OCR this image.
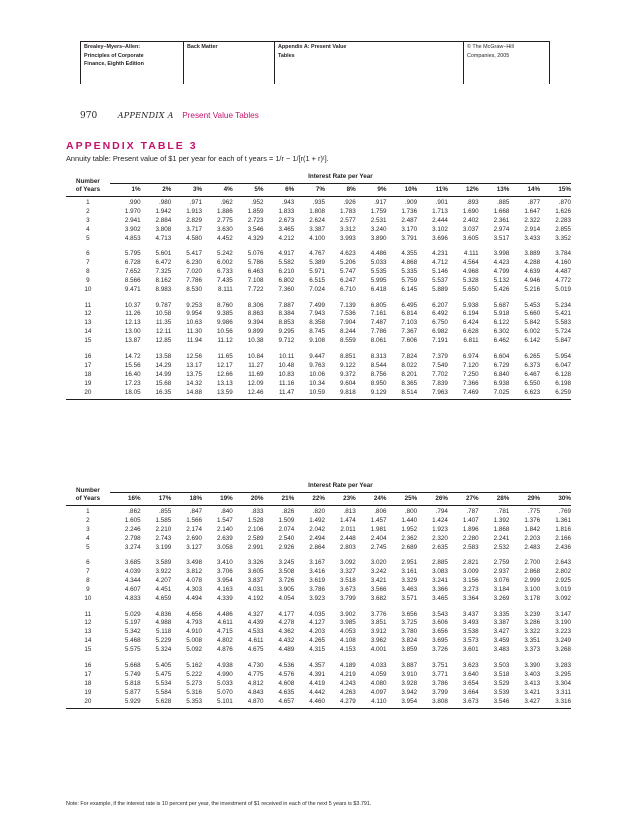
Brealey–Myers–Allen:
Principles of Corporate
Finance, Eighth Edition
Back Matter	Appendix A: Present Value
Tables
© The McGraw−Hill
Companies, 2005
970	APPENDIX A Present Value Tables
APPENDIX TABLE 3
Annuity table: Present value of $1 per year for each of t years = 1/r − 1/[r(1 + r)ᵗ].
Number
of Years	Interest Rate per Year														
	1%	2%	3%	4%	5%	6%	7%	8%	9%	10%	11%	12%	13%	14%	15%
1	.990	.980	.971	.962	.952	.943	.935	.926	.917	.909	.901	.893	.885	.877	.870
2	1.970	1.942	1.913	1.886	1.859	1.833	1.808	1.783	1.759	1.736	1.713	1.690	1.668	1.647	1.626
3	2.941	2.884	2.829	2.775	2.723	2.673	2.624	2.577	2.531	2.487	2.444	2.402	2.361	2.322	2.283
4	3.902	3.808	3.717	3.630	3.546	3.465	3.387	3.312	3.240	3.170	3.102	3.037	2.974	2.914	2.855
5	4.853	4.713	4.580	4.452	4.329	4.212	4.100	3.993	3.890	3.791	3.696	3.605	3.517	3.433	3.352

6	5.795	5.601	5.417	5.242	5.076	4.917	4.767	4.623	4.486	4.355	4.231	4.111	3.998	3.889	3.784
7	6.728	6.472	6.230	6.002	5.786	5.582	5.389	5.206	5.033	4.868	4.712	4.564	4.423	4.288	4.160
8	7.652	7.325	7.020	6.733	6.463	6.210	5.971	5.747	5.535	5.335	5.146	4.968	4.799	4.639	4.487
9	8.566	8.162	7.786	7.435	7.108	6.802	6.515	6.247	5.995	5.759	5.537	5.328	5.132	4.946	4.772
10	9.471	8.983	8.530	8.111	7.722	7.360	7.024	6.710	6.418	6.145	5.889	5.650	5.426	5.216	5.019

11	10.37	9.787	9.253	8.760	8.306	7.887	7.499	7.139	6.805	6.495	6.207	5.938	5.687	5.453	5.234
12	11.26	10.58	9.954	9.385	8.863	8.384	7.943	7.536	7.161	6.814	6.492	6.194	5.918	5.660	5.421
13	12.13	11.35	10.63	9.986	9.394	8.853	8.358	7.904	7.487	7.103	6.750	6.424	6.122	5.842	5.583
14	13.00	12.11	11.30	10.56	9.899	9.295	8.745	8.244	7.786	7.367	6.982	6.628	6.302	6.002	5.724
15	13.87	12.85	11.94	11.12	10.38	9.712	9.108	8.559	8.061	7.606	7.191	6.811	6.462	6.142	5.847

16	14.72	13.58	12.56	11.65	10.84	10.11	9.447	8.851	8.313	7.824	7.379	6.974	6.604	6.265	5.954
17	15.56	14.29	13.17	12.17	11.27	10.48	9.763	9.122	8.544	8.022	7.549	7.120	6.729	6.373	6.047
18	16.40	14.99	13.75	12.66	11.69	10.83	10.06	9.372	8.756	8.201	7.702	7.250	6.840	6.467	6.128
19	17.23	15.68	14.32	13.13	12.09	11.16	10.34	9.604	8.950	8.365	7.839	7.366	6.938	6.550	6.198
20	18.05	16.35	14.88	13.59	12.46	11.47	10.59	9.818	9.129	8.514	7.963	7.469	7.025	6.623	6.259
Number
of Years	Interest Rate per Year														
	16%	17%	18%	19%	20%	21%	22%	23%	24%	25%	26%	27%	28%	29%	30%
1	.862	.855	.847	.840	.833	.826	.820	.813	.806	.800	.794	.787	.781	.775	.769
2	1.605	1.585	1.566	1.547	1.528	1.509	1.492	1.474	1.457	1.440	1.424	1.407	1.392	1.376	1.361
3	2.246	2.210	2.174	2.140	2.106	2.074	2.042	2.011	1.981	1.952	1.923	1.896	1.868	1.842	1.816
4	2.798	2.743	2.690	2.639	2.589	2.540	2.494	2.448	2.404	2.362	2.320	2.280	2.241	2.203	2.166
5	3.274	3.199	3.127	3.058	2.991	2.926	2.864	2.803	2.745	2.689	2.635	2.583	2.532	2.483	2.436

6	3.685	3.589	3.498	3.410	3.326	3.245	3.167	3.092	3.020	2.951	2.885	2.821	2.759	2.700	2.643
7	4.039	3.922	3.812	3.706	3.605	3.508	3.416	3.327	3.242	3.161	3.083	3.009	2.937	2.868	2.802
8	4.344	4.207	4.078	3.954	3.837	3.726	3.619	3.518	3.421	3.329	3.241	3.156	3.076	2.999	2.925
9	4.607	4.451	4.303	4.163	4.031	3.905	3.786	3.673	3.566	3.463	3.366	3.273	3.184	3.100	3.019
10	4.833	4.659	4.494	4.339	4.192	4.054	3.923	3.799	3.682	3.571	3.465	3.364	3.269	3.178	3.092

11	5.029	4.836	4.656	4.486	4.327	4.177	4.035	3.902	3.776	3.656	3.543	3.437	3.335	3.239	3.147
12	5.197	4.988	4.793	4.611	4.439	4.278	4.127	3.985	3.851	3.725	3.606	3.493	3.387	3.286	3.190
13	5.342	5.118	4.910	4.715	4.533	4.362	4.203	4.053	3.912	3.780	3.656	3.538	3.427	3.322	3.223
14	5.468	5.229	5.008	4.802	4.611	4.432	4.265	4.108	3.962	3.824	3.695	3.573	3.459	3.351	3.249
15	5.575	5.324	5.092	4.876	4.675	4.489	4.315	4.153	4.001	3.859	3.726	3.601	3.483	3.373	3.268

16	5.668	5.405	5.162	4.938	4.730	4.536	4.357	4.189	4.033	3.887	3.751	3.623	3.503	3.390	3.283
17	5.749	5.475	5.222	4.990	4.775	4.576	4.391	4.219	4.059	3.910	3.771	3.640	3.518	3.403	3.295
18	5.818	5.534	5.273	5.033	4.812	4.608	4.419	4.243	4.080	3.928	3.786	3.654	3.529	3.413	3.304
19	5.877	5.584	5.316	5.070	4.843	4.635	4.442	4.263	4.097	3.942	3.799	3.664	3.539	3.421	3.311
20	5.929	5.628	5.353	5.101	4.870	4.657	4.460	4.279	4.110	3.954	3.808	3.673	3.546	3.427	3.316
Note: For example, if the interest rate is 10 percent per year, the investment of $1 received in each of the next 5 years is $3.791.
